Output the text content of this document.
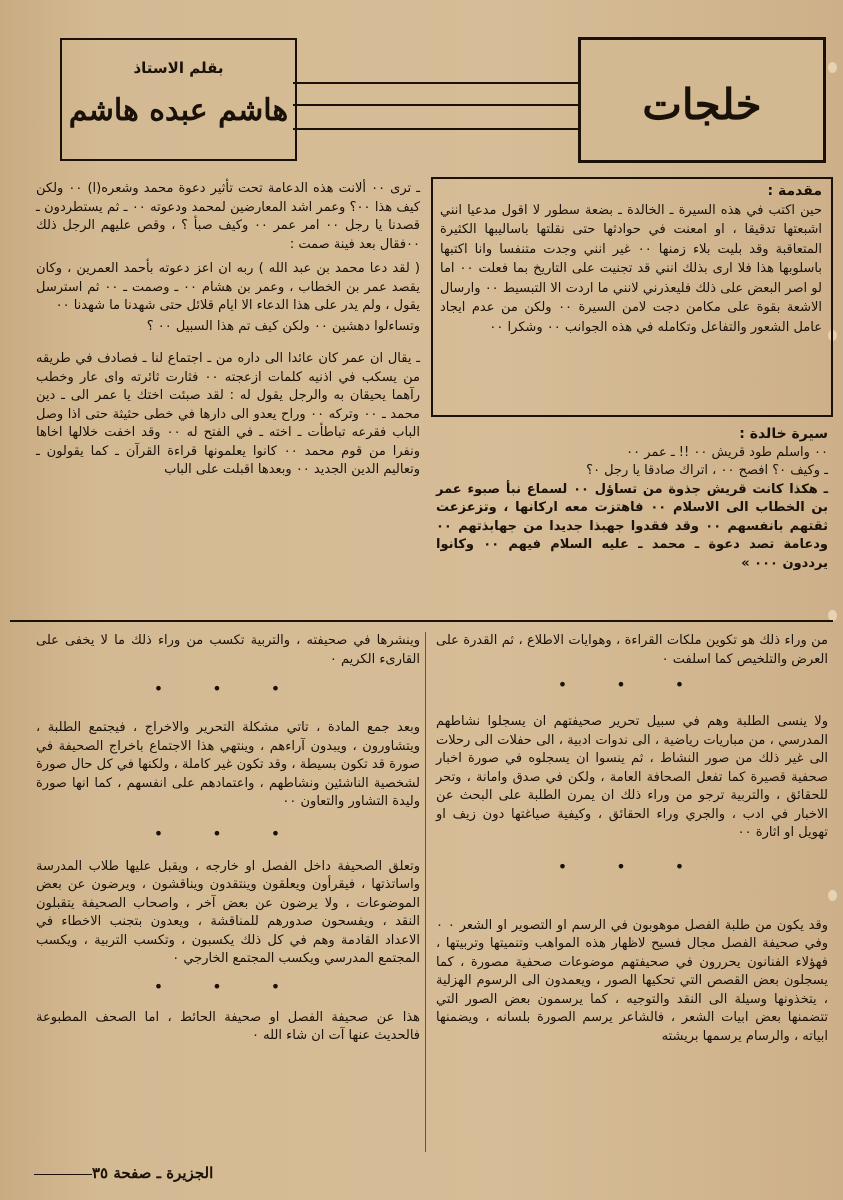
خلجات
بقلم الاستاذ
هاشم عبده هاشم

مقدمة :

حين اكتب في هذه السيرة ـ الخالدة ـ بضعة سطور لا اقول مدعيا انني اشبعتها تدقيقا ، او امعنت في حوادثها حتى نقلتها باساليبها الكثيرة المتعاقبة وقد بليت بلاء زمنها ٠٠ غير انني وجدت متنفسا وانا اكتبها باسلوبها هذا فلا ارى بذلك انني قد تجنيت على التاريخ بما فعلت ٠٠ اما لو اصر البعض على ذلك فليعذرني لانني ما اردت الا التبسيط ٠٠ وارسال الاشعة بقوة على مكامن دجت لامن السيرة ٠٠ ولكن من عدم ايجاد عامل الشعور والتفاعل وتكامله في هذه الجوانب ٠٠ وشكرا ٠٠

سيرة خالدة :

٠٠ واسلم طود قريش ٠٠ !! ـ عمر ٠٠

ـ وكيف ٠؟ افصح ٠٠ ، اتراك صادقا يا رجل ٠؟

ـ هكذا كانت قريش جذوة من تساؤل ٠٠ لسماع نبأ صبوء عمر بن الخطاب الى الاسلام ٠٠ فاهتزت معه اركانها ، وتزعزعت ثقتهم بانفسهم ٠٠ وقد فقدوا جهبذا جديدا من جهابذتهم ٠٠ ودعامة تصد دعوة ـ محمد ـ عليه السلام فيهم ٠٠ وكانوا يرددون ٠٠٠ »

ـ ترى ٠٠ ألانت هذه الدعامة تحت تأثير دعوة محمد وشعره(ا) ٠٠ ولكن كيف هذا ٠٠؟ وعمر اشد المعارضين لمحمد ودعوته ٠٠ ـ ثم يستطردون ـ قصدنا يا رجل ٠٠ امر عمر ٠٠ وكيف صبأ ؟ ، وقص عليهم الرجل ذلك ٠٠فقال بعد فينة صمت :

( لقد دعا محمد بن عبد الله ) ربه ان اعز دعوته بأحمد العمرين ، وكان يقصد عمر بن الخطاب ، وعمر بن هشام ٠٠ ـ وصمت ـ ٠٠ ثم استرسل يقول ، ولم يدر على هذا الدعاء الا ايام قلائل حتى شهدنا ما شهدنا ٠٠

وتساءلوا دهشين ٠٠ ولكن كيف تم هذا السبيل ٠٠ ؟

ـ يقال ان عمر كان عائدا الى داره من ـ اجتماع لنا ـ فصادف في طريقه من يسكب في اذنيه كلمات ازعجته ٠٠ فثارت ثائرته واى عار وخطب رآهما يحيقان به والرجل يقول له : لقد صبئت اختك يا عمر الى ـ دين محمد ـ ٠٠ وتركه ٠٠ وراح يعدو الى دارها في خطى حثيثة حتى اذا وصل الباب فقرعه تباطأت ـ اخته ـ في الفتح له ٠٠ وقد اخفت خلالها اخاها ونفرا من قوم محمد ٠٠ كانوا يعلمونها قراءة القرآن ـ كما يقولون ـ وتعاليم الدين الجديد ٠٠ وبعدها اقبلت على الباب

من وراء ذلك هو تكوين ملكات القراءة ، وهوايات الاطلاع ، ثم القدرة على العرض والتلخيص كما اسلفت ٠

• • •

ولا ينسى الطلبة وهم في سبيل تحرير صحيفتهم ان يسجلوا نشاطهم المدرسي ، من مباريات رياضية ، الى ندوات ادبية ، الى حفلات الى رحلات الى غير ذلك من صور النشاط ، ثم ينسوا ان يسجلوه في صورة اخبار صحفية قصيرة كما تفعل الصحافة العامة ، ولكن في صدق وامانة ، وتحر للحقائق ، والتربية ترجو من وراء ذلك ان يمرن الطلبة على البحث عن الاخبار في ادب ، والجري وراء الحقائق ، وكيفية صياغتها دون زيف او تهويل او اثارة ٠٠

• • •

وقد يكون من طلبة الفصل موهوبون في الرسم او التصوير او الشعر ٠ ٠ وفي صحيفة الفصل مجال فسيح لاظهار هذه المواهب وتنميتها وتربيتها ، فهؤلاء الفنانون يحررون في صحيفتهم موضوعات صحفية مصورة ، كما يسجلون بعض القصص التي تحكيها الصور ، ويعمدون الى الرسوم الهزلية ، يتخذونها وسيلة الى النقد والتوجيه ، كما يرسمون بعض الصور التي تتضمنها بعض ابيات الشعر ، فالشاعر يرسم الصورة بلسانه ، ويضمنها ابياته ، والرسام يرسمها بريشته

وينشرها في صحيفته ، والتربية تكسب من وراء ذلك ما لا يخفى على القارىء الكريم ٠

• • •

وبعد جمع المادة ، تاتي مشكلة التحرير والاخراج ، فيجتمع الطلبة ، ويتشاورون ، ويبدون آراءهم ، وينتهي هذا الاجتماع باخراج الصحيفة في صورة قد تكون بسيطة ، وقد تكون غير كاملة ، ولكنها في كل حال صورة لشخصية الناشئين ونشاطهم ، واعتمادهم على انفسهم ، كما انها صورة وليدة التشاور والتعاون ٠٠

• • •

وتعلق الصحيفة داخل الفصل او خارجه ، ويقبل عليها طلاب المدرسة واساتذتها ، فيقرأون ويعلقون وينتقدون ويناقشون ، ويرضون عن بعض الموضوعات ، ولا يرضون عن بعض آخر ، واصحاب الصحيفة يتقبلون النقد ، ويفسحون صدورهم للمناقشة ، ويعدون بتجنب الاخطاء في الاعداد القادمة وهم في كل ذلك يكسبون ، وتكسب التربية ، ويكسب المجتمع المدرسي ويكسب المجتمع الخارجي ٠

• • •

هذا عن صحيفة الفصل او صحيفة الحائط ، اما الصحف المطبوعة فالحديث عنها آت ان شاء الله ٠

الجزيرة ـ صفحة ٣٥
